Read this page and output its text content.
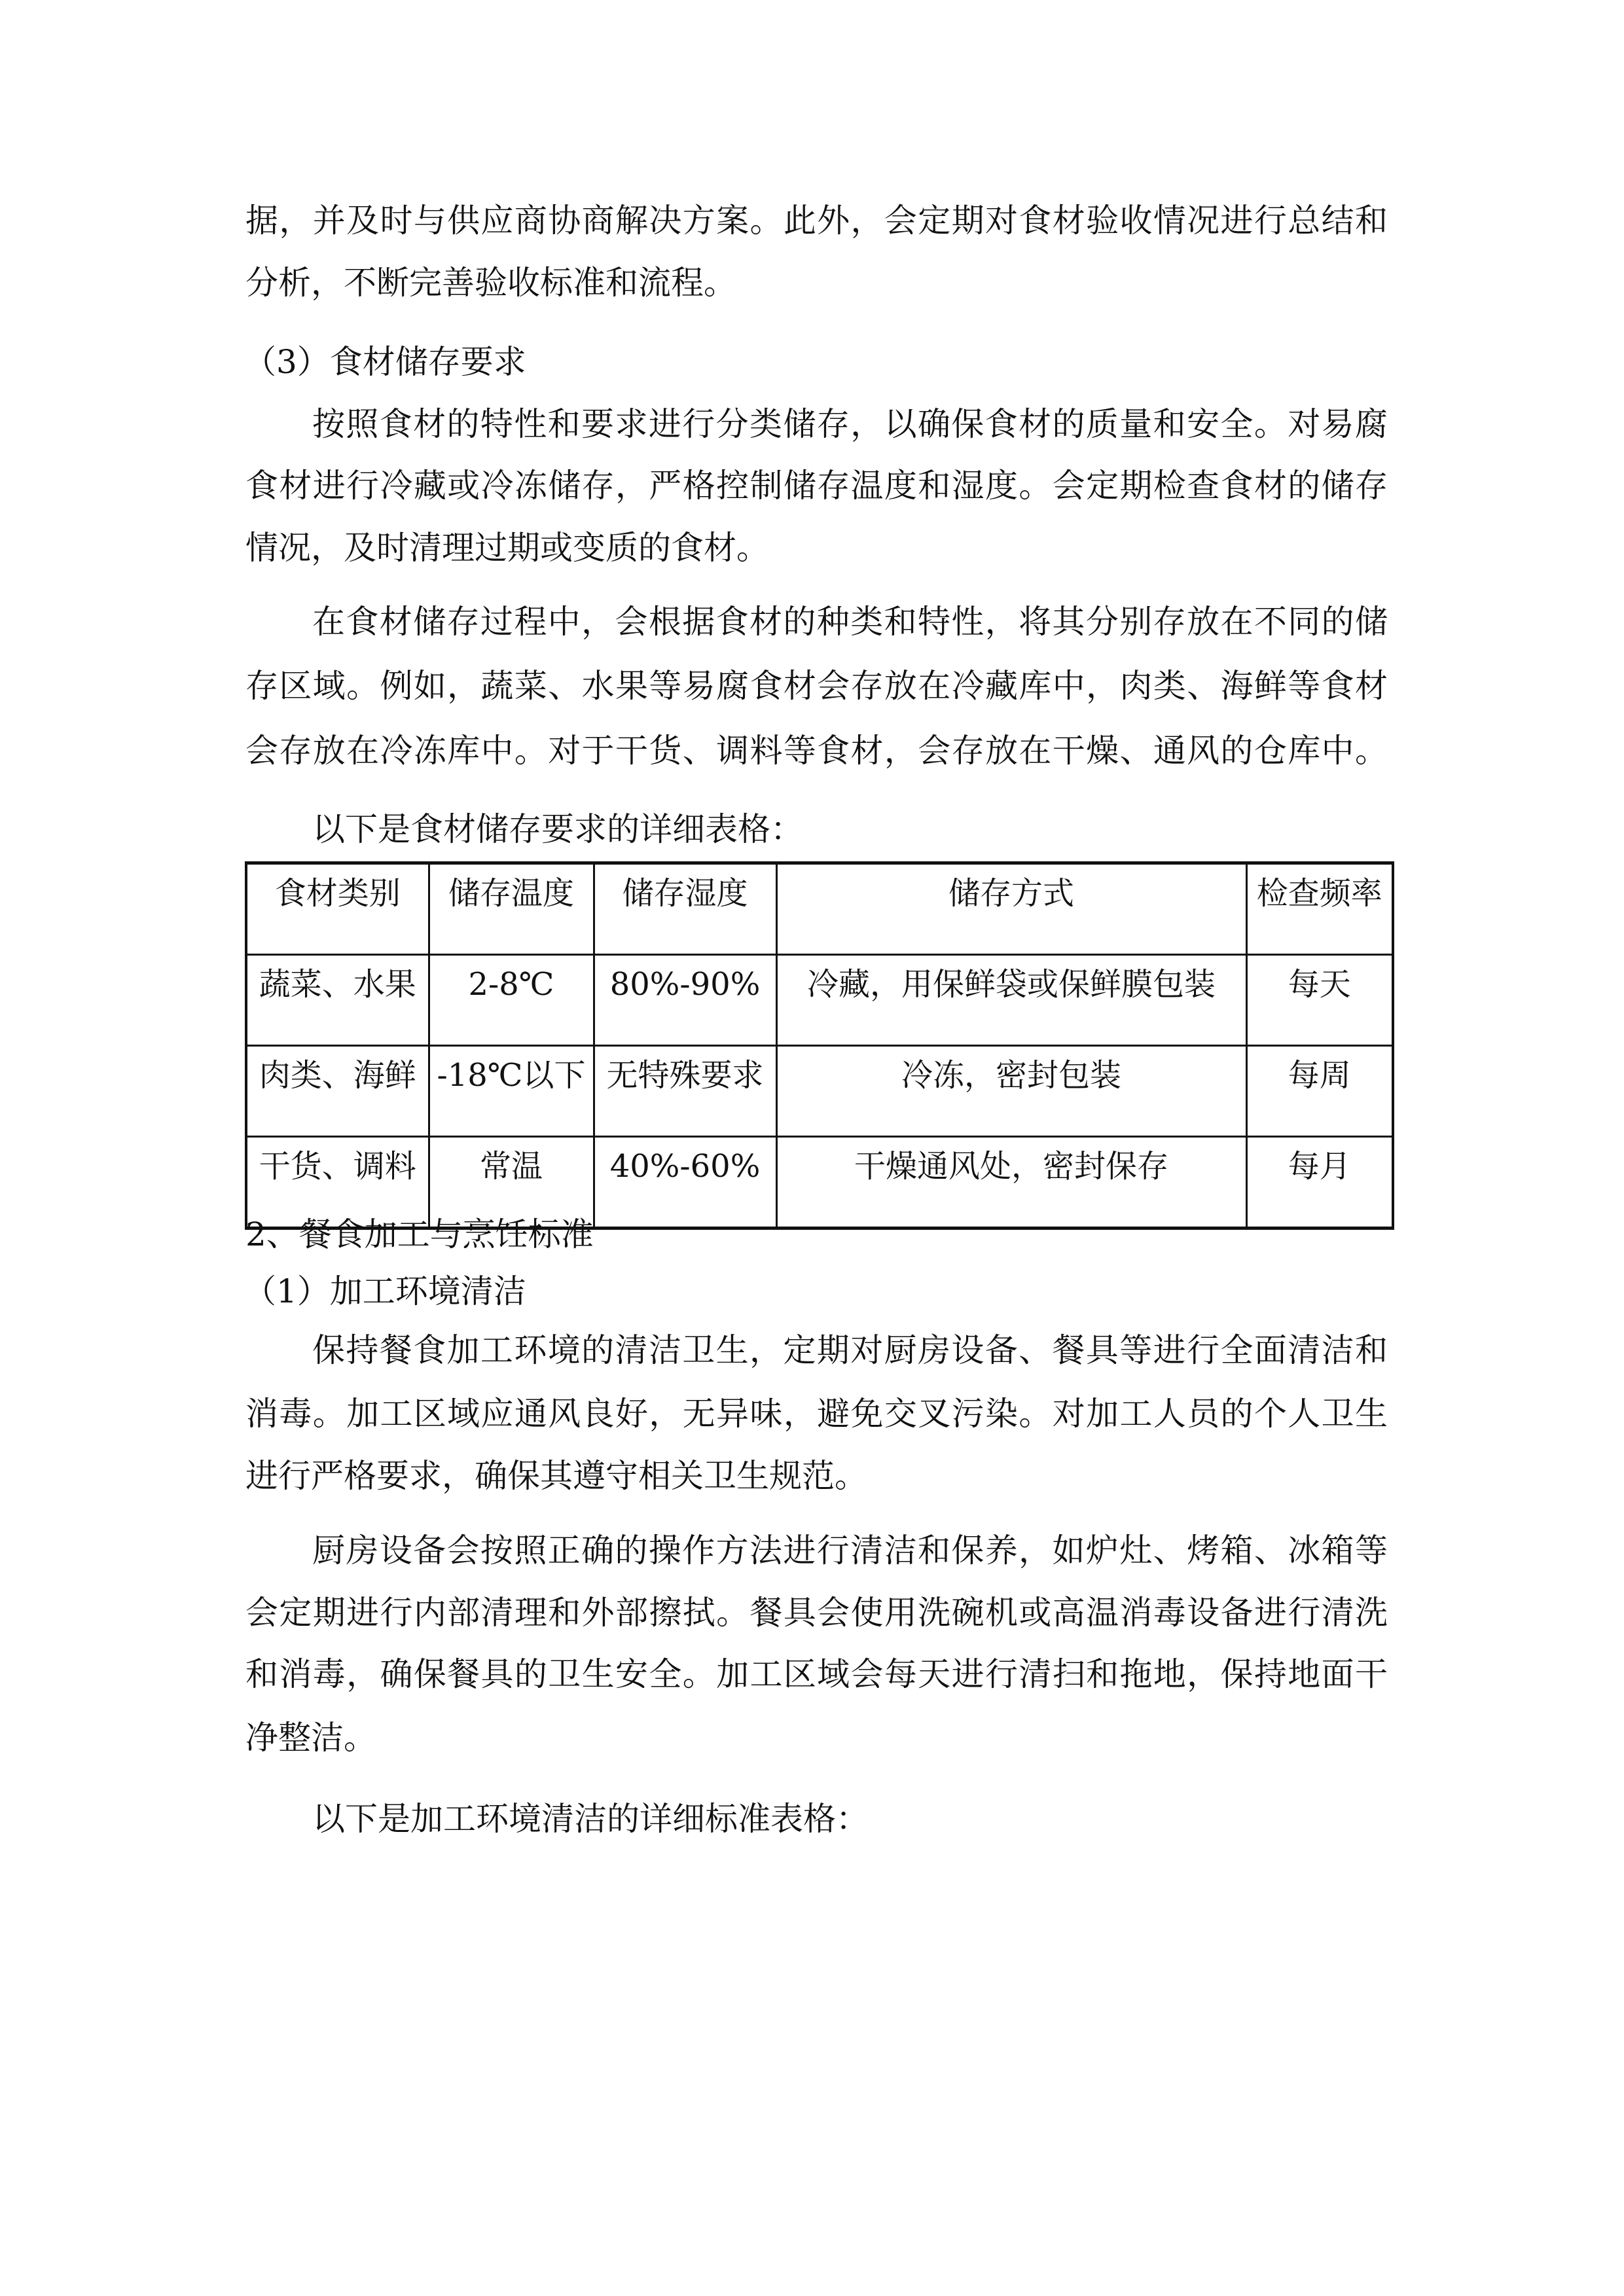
据，并及时与供应商协商解决方案。此外，会定期对食材验收情况进行总结和
分析，不断完善验收标准和流程。
（3）食材储存要求
按照食材的特性和要求进行分类储存，以确保食材的质量和安全。对易腐
食材进行冷藏或冷冻储存，严格控制储存温度和湿度。会定期检查食材的储存
情况，及时清理过期或变质的食材。
在食材储存过程中，会根据食材的种类和特性，将其分别存放在不同的储
存区域。例如，蔬菜、水果等易腐食材会存放在冷藏库中，肉类、海鲜等食材
会存放在冷冻库中。对于干货、调料等食材，会存放在干燥、通风的仓库中。
以下是食材储存要求的详细表格：
食材类别	储存温度	储存湿度	储存方式	检查频率
蔬菜、水果	2-8℃	80%-90%	冷藏，用保鲜袋或保鲜膜包装	每天
肉类、海鲜	-18℃以下	无特殊要求	冷冻，密封包装	每周
干货、调料	常温	40%-60%	干燥通风处，密封保存	每月
2、餐食加工与烹饪标准
（1）加工环境清洁
保持餐食加工环境的清洁卫生，定期对厨房设备、餐具等进行全面清洁和
消毒。加工区域应通风良好，无异味，避免交叉污染。对加工人员的个人卫生
进行严格要求，确保其遵守相关卫生规范。
厨房设备会按照正确的操作方法进行清洁和保养，如炉灶、烤箱、冰箱等
会定期进行内部清理和外部擦拭。餐具会使用洗碗机或高温消毒设备进行清洗
和消毒，确保餐具的卫生安全。加工区域会每天进行清扫和拖地，保持地面干
净整洁。
以下是加工环境清洁的详细标准表格：
